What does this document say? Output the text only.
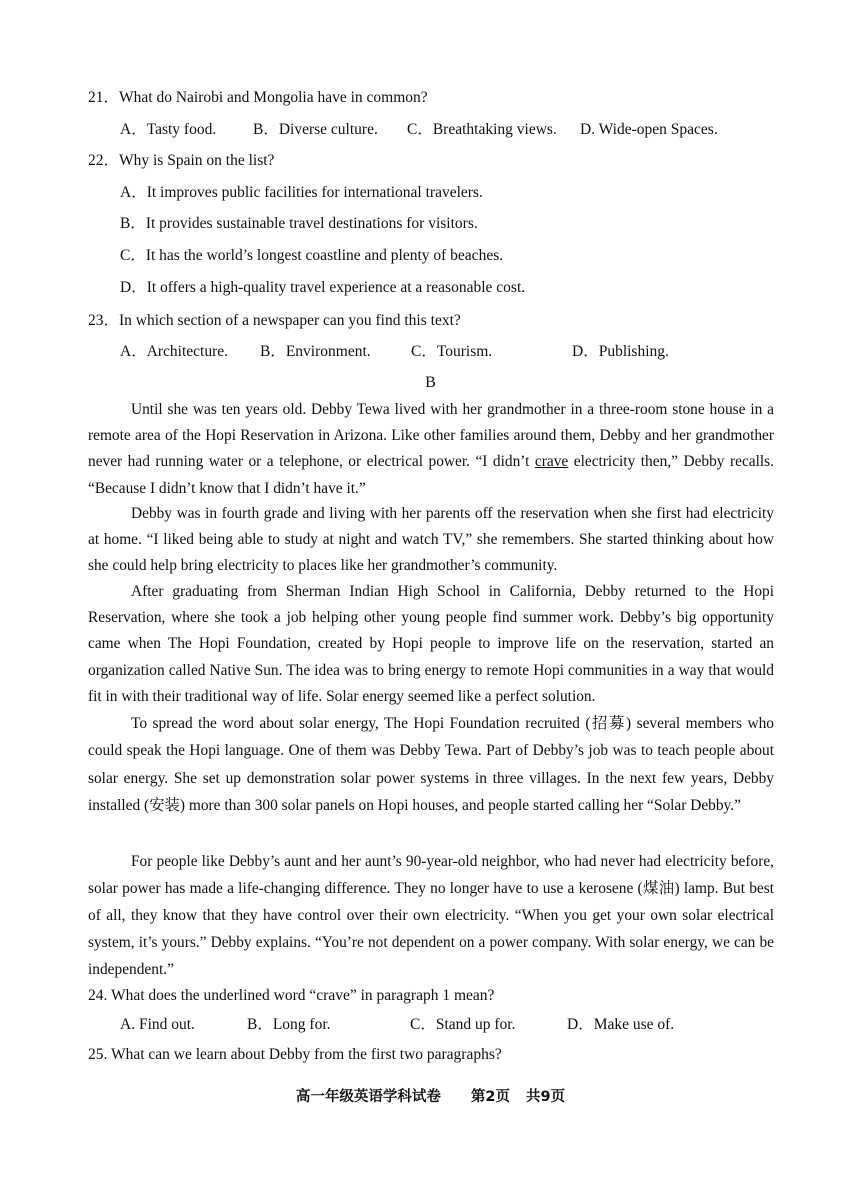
21．What do Nairobi and Mongolia have in common?
A．Tasty food. B．Diverse culture. C．Breathtaking views. D. Wide-open Spaces.
22．Why is Spain on the list?
A．It improves public facilities for international travelers.
B．It provides sustainable travel destinations for visitors.
C．It has the world’s longest coastline and plenty of beaches.
D．It offers a high-quality travel experience at a reasonable cost.
23．In which section of a newspaper can you find this text?
A．Architecture. B．Environment.	C．Tourism.	D．Publishing.
B
Until she was ten years old. Debby Tewa lived with her grandmother in a three-room stone house in a remote area of the Hopi Reservation in Arizona. Like other families around them, Debby and her grandmother never had running water or a telephone, or electrical power. “I didn’t crave electricity then,” Debby recalls. “Because I didn’t know that I didn’t have it.”
Debby was in fourth grade and living with her parents off the reservation when she first had electricity at home. “I liked being able to study at night and watch TV,” she remembers. She started thinking about how she could help bring electricity to places like her grandmother’s community.
After graduating from Sherman Indian High School in California, Debby returned to the Hopi Reservation, where she took a job helping other young people find summer work. Debby’s big opportunity came when The Hopi Foundation, created by Hopi people to improve life on the reservation, started an organization called Native Sun. The idea was to bring energy to remote Hopi communities in a way that would fit in with their traditional way of life. Solar energy seemed like a perfect solution.
To spread the word about solar energy, The Hopi Foundation recruited (招募) several members who could speak the Hopi language. One of them was Debby Tewa. Part of Debby’s job was to teach people about solar energy. She set up demonstration solar power systems in three villages. In the next few years, Debby installed (安装) more than 300 solar panels on Hopi houses, and people started calling her “Solar Debby.”
For people like Debby’s aunt and her aunt’s 90-year-old neighbor, who had never had electricity before, solar power has made a life-changing difference. They no longer have to use a kerosene (煤油) lamp. But best of all, they know that they have control over their own electricity. “When you get your own solar electrical system, it’s yours.” Debby explains. “You’re not dependent on a power company. With solar energy, we can be independent.”
24. What does the underlined word “crave” in paragraph 1 mean?
A. Find out.	B．Long for.	C．Stand up for.	D．Make use of.
25. What can we learn about Debby from the first two paragraphs?
高一年级英语学科试卷 第2页 共9页
